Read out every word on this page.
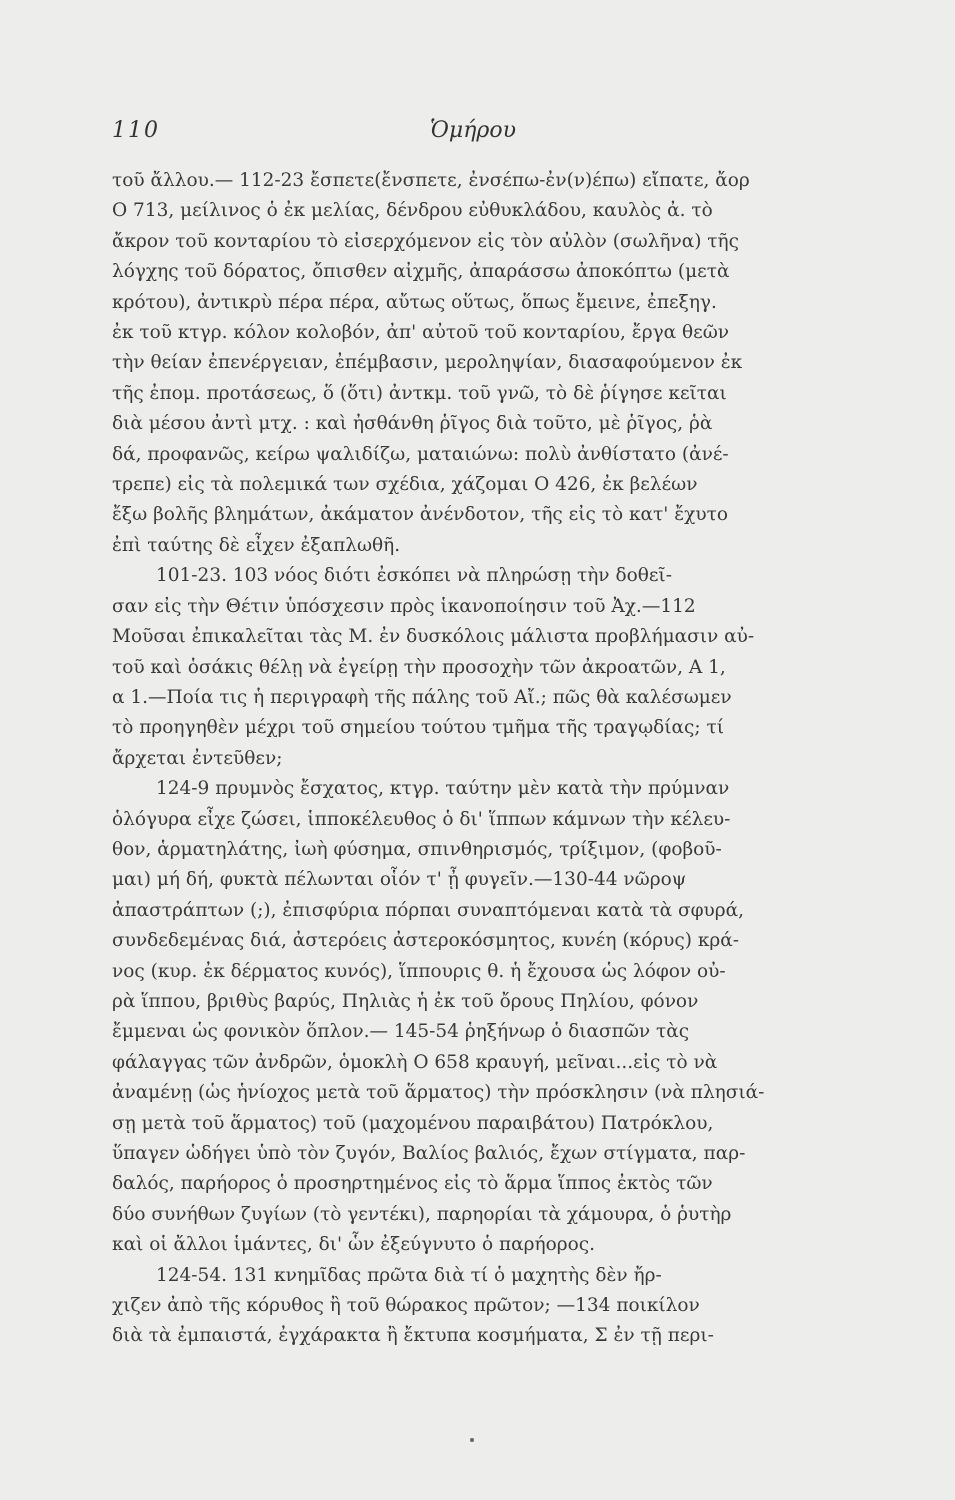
110	Ὁμήρου

τοῦ ἄλλου.— 112-23 ἔσπετε(ἔνσπετε, ἐνσέπω-ἐν(ν)έπω) εἴπατε, ἄορ

Ο 713, μείλινος ὁ ἐκ μελίας, δένδρου εὐθυκλάδου, καυλὸς ἀ. τὸ

ἄκρον τοῦ κονταρίου τὸ εἰσερχόμενον εἰς τὸν αὐλὸν (σωλῆνα) τῆς

λόγχης τοῦ δόρατος, ὄπισθεν αἰχμῆς, ἀπαράσσω ἀποκόπτω (μετὰ

κρότου), ἀντικρὺ πέρα πέρα, αὔτως οὕτως, ὅπως ἔμεινε, ἐπεξηγ.

ἐκ τοῦ κτγρ. κόλον κολοβόν, ἀπ' αὐτοῦ τοῦ κονταρίου, ἔργα θεῶν

τὴν θείαν ἐπενέργειαν, ἐπέμβασιν, μεροληψίαν, διασαφούμενον ἐκ

τῆς ἐπομ. προτάσεως, ὅ (ὅτι) ἀντκμ. τοῦ γνῶ, τὸ δὲ ῥίγησε κεῖται

διὰ μέσου ἀντὶ μτχ. : καὶ ἠσθάνθη ῥῖγος διὰ τοῦτο, μὲ ῥῖγος, ῥὰ

δά, προφανῶς, κείρω ψαλιδίζω, ματαιώνω: πολὺ ἀνθίστατο (ἀνέ-

τρεπε) εἰς τὰ πολεμικά των σχέδια, χάζομαι Ο 426, ἐκ βελέων

ἔξω βολῆς βλημάτων, ἀκάματον ἀνένδοτον, τῆς εἰς τὸ κατ' ἔχυτο

ἐπὶ ταύτης δὲ εἶχεν ἐξαπλωθῆ.

101-23. 103 νόος διότι ἐσκόπει νὰ πληρώσῃ τὴν δοθεῖ-

σαν εἰς τὴν Θέτιν ὑπόσχεσιν πρὸς ἱκανοποίησιν τοῦ Ἀχ.—112

Μοῦσαι ἐπικαλεῖται τὰς Μ. ἐν δυσκόλοις μάλιστα προβλήμασιν αὐ-

τοῦ καὶ ὁσάκις θέλῃ νὰ ἐγείρῃ τὴν προσοχὴν τῶν ἀκροατῶν, Α 1,

α 1.—Ποία τις ἡ περιγραφὴ τῆς πάλης τοῦ Αἴ.; πῶς θὰ καλέσωμεν

τὸ προηγηθὲν μέχρι τοῦ σημείου τούτου τμῆμα τῆς τραγῳδίας; τί

ἄρχεται ἐντεῦθεν;

124-9 πρυμνὸς ἔσχατος, κτγρ. ταύτην μὲν κατὰ τὴν πρύμναν

ὁλόγυρα εἶχε ζώσει, ἱπποκέλευθος ὁ δι' ἵππων κάμνων τὴν κέλευ-

θον, ἁρματηλάτης, ἰωὴ φύσημα, σπινθηρισμός, τρίξιμον, (φοβοῦ-

μαι) μή δή, φυκτὰ πέλωνται οἷόν τ' ᾖ φυγεῖν.—130-44 νῶροψ

ἀπαστράπτων (;), ἐπισφύρια πόρπαι συναπτόμεναι κατὰ τὰ σφυρά,

συνδεδεμένας διά, ἀστερόεις ἀστεροκόσμητος, κυνέη (κόρυς) κρά-

νος (κυρ. ἐκ δέρματος κυνός), ἵππουρις θ. ἡ ἔχουσα ὡς λόφον οὐ-

ρὰ ἵππου, βριθὺς βαρύς, Πηλιὰς ἡ ἐκ τοῦ ὄρους Πηλίου, φόνον

ἔμμεναι ὡς φονικὸν ὅπλον.— 145-54 ῥηξήνωρ ὁ διασπῶν τὰς

φάλαγγας τῶν ἀνδρῶν, ὁμοκλὴ Ο 658 κραυγή, μεῖναι...εἰς τὸ νὰ

ἀναμένῃ (ὡς ἡνίοχος μετὰ τοῦ ἅρματος) τὴν πρόσκλησιν (νὰ πλησιά-

σῃ μετὰ τοῦ ἅρματος) τοῦ (μαχομένου παραιβάτου) Πατρόκλου,

ὕπαγεν ὡδήγει ὑπὸ τὸν ζυγόν, Βαλίος βαλιός, ἔχων στίγματα, παρ-

δαλός, παρήορος ὁ προσηρτημένος εἰς τὸ ἅρμα ἵππος ἐκτὸς τῶν

δύο συνήθων ζυγίων (τὸ γεντέκι), παρηορίαι τὰ χάμουρα, ὁ ῥυτὴρ

καὶ οἱ ἄλλοι ἱμάντες, δι' ὧν ἐξεύγνυτο ὁ παρήορος.

124-54. 131 κνημῖδας πρῶτα διὰ τί ὁ μαχητὴς δὲν ἤρ-

χιζεν ἀπὸ τῆς κόρυθος ἢ τοῦ θώρακος πρῶτον; —134 ποικίλον

διὰ τὰ ἐμπαιστά, ἐγχάρακτα ἢ ἔκτυπα κοσμήματα, Σ ἐν τῇ περι-
